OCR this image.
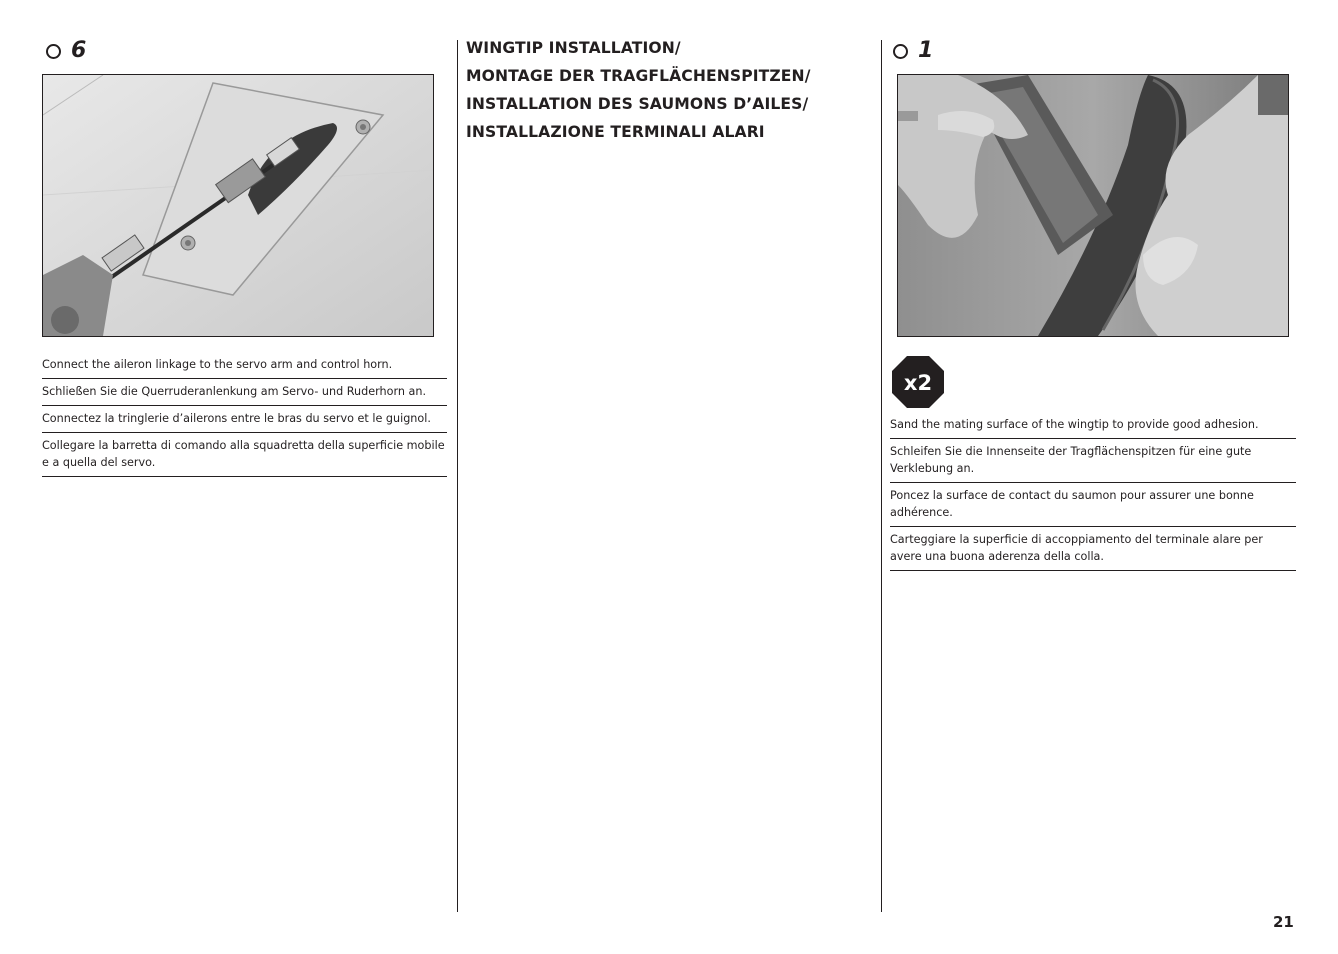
6
Connect the aileron linkage to the servo arm and control horn.
Schließen Sie die Querruderanlenkung am Servo- und Ruderhorn an.
Connectez la tringlerie d’ailerons entre le bras du servo et le guignol.
Collegare la barretta di comando alla squadretta della superficie mobile e a quella del servo.
WINGTIP INSTALLATION/
MONTAGE DER TRAGFLÄCHENSPITZEN/
INSTALLATION DES SAUMONS D’AILES/
INSTALLAZIONE TERMINALI ALARI
1
x2
Sand the mating surface of the wingtip to provide good adhesion.
Schleifen Sie die Innenseite der Tragflächenspitzen für eine gute Verklebung an.
Poncez la surface de contact du saumon pour assurer une bonne adhérence.
Carteggiare la superficie di accoppiamento del terminale alare per avere una buona aderenza della colla.
21
